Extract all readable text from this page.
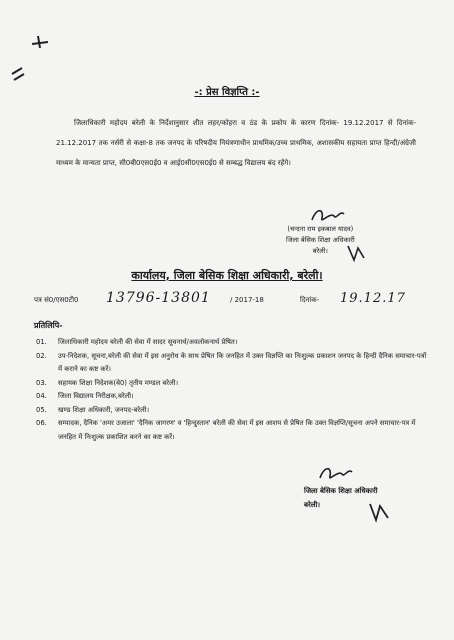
-: प्रेस विज्ञप्ति :-
जिलाधिकारी महोदय बरेली के निर्देशानुसार शीत लहर/कोहरा व ठंड के प्रकोप के कारण दिनांक- 19.12.2017 से दिनांक- 21.12.2017 तक नर्सरी से कक्षा-8 तक जनपद के परिषदीय नियंत्रणाधीन प्राथमिक/उच्च प्राथमिक, अशासकीय सहायता प्राप्त हिन्दी/अंग्रेजी माध्यम के मान्यता प्राप्त, सी0बी0एस0ई0 व आई0सी0एस0ई0 से सम्बद्ध विद्यालय बंद रहेंगे।
(चन्दना राम इकबाल यादव)
जिला बेसिक शिक्षा अधिकारी
बरेली।
कार्यालय, जिला बेसिक शिक्षा अधिकारी, बरेली।
पत्र सं0/एस0टी0 13796-13801	/ 2017-18	दिनांक- 19.12.17
प्रतिलिपि-
01. जिलाधिकारी महोदय बरेली की सेवा में सादर सूचनार्थ/अवलोकनार्थ प्रेषित।
02. उप-निदेशक, सूचना,बरेली की सेवा में इस अनुरोध के साथ प्रेषित कि जनहित में उक्त विज्ञप्ति का निःशुल्क प्रकाशन जनपद के हिन्दी दैनिक समाचार-पत्रों में कराने का कष्ट करें।
03. सहायक शिक्षा निदेशक(बे0) तृतीय मण्डल बरेली।
04. जिला विद्यालय निरीक्षक,बरेली।
05. खण्ड शिक्षा अधिकारी, जनपद-बरेली।
06. सम्पादक, दैनिक 'अमर उजाला' 'दैनिक जागरण' व 'हिन्दुस्तान' बरेली की सेवा में इस आशय से प्रेषित कि उक्त विज्ञप्ति/सूचना अपने समाचार-पत्र में जनहित में निःशुल्क प्रकाशित करने का कष्ट करें।
जिला बेसिक शिक्षा अधिकारी
बरेली।
